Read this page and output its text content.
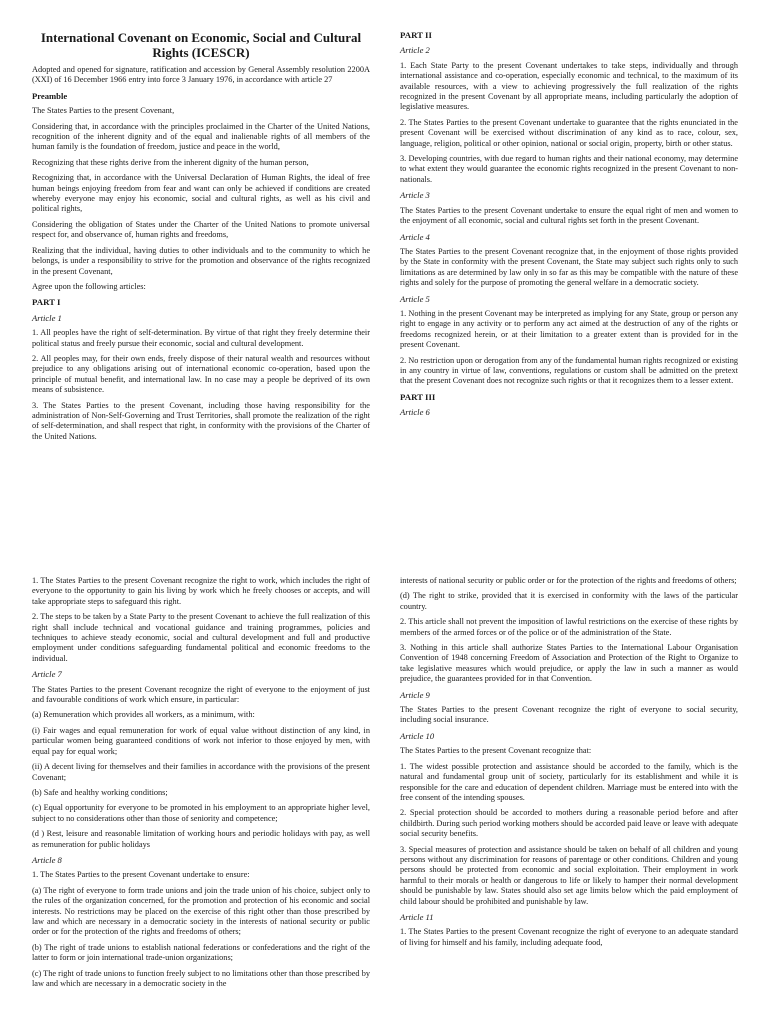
International Covenant on Economic, Social and Cultural Rights (ICESCR)

Adopted and opened for signature, ratification and accession by General Assembly resolution 2200A (XXI) of 16 December 1966 entry into force 3 January 1976, in accordance with article 27

Preamble

The States Parties to the present Covenant,

Considering that, in accordance with the principles proclaimed in the Charter of the United Nations, recognition of the inherent dignity and of the equal and inalienable rights of all members of the human family is the foundation of freedom, justice and peace in the world,

Recognizing that these rights derive from the inherent dignity of the human person,

Recognizing that, in accordance with the Universal Declaration of Human Rights, the ideal of free human beings enjoying freedom from fear and want can only be achieved if conditions are created whereby everyone may enjoy his economic, social and cultural rights, as well as his civil and political rights,

Considering the obligation of States under the Charter of the United Nations to promote universal respect for, and observance of, human rights and freedoms,

Realizing that the individual, having duties to other individuals and to the community to which he belongs, is under a responsibility to strive for the promotion and observance of the rights recognized in the present Covenant,

Agree upon the following articles:

PART I

Article 1

1. All peoples have the right of self-determination. By virtue of that right they freely determine their political status and freely pursue their economic, social and cultural development.

2. All peoples may, for their own ends, freely dispose of their natural wealth and resources without prejudice to any obligations arising out of international economic co-operation, based upon the principle of mutual benefit, and international law. In no case may a people be deprived of its own means of subsistence.

3. The States Parties to the present Covenant, including those having responsibility for the administration of Non-Self-Governing and Trust Territories, shall promote the realization of the right of self-determination, and shall respect that right, in conformity with the provisions of the Charter of the United Nations.

PART II

Article 2

1. Each State Party to the present Covenant undertakes to take steps, individually and through international assistance and co-operation, especially economic and technical, to the maximum of its available resources, with a view to achieving progressively the full realization of the rights recognized in the present Covenant by all appropriate means, including particularly the adoption of legislative measures.

2. The States Parties to the present Covenant undertake to guarantee that the rights enunciated in the present Covenant will be exercised without discrimination of any kind as to race, colour, sex, language, religion, political or other opinion, national or social origin, property, birth or other status.

3. Developing countries, with due regard to human rights and their national economy, may determine to what extent they would guarantee the economic rights recognized in the present Covenant to non-nationals.

Article 3

The States Parties to the present Covenant undertake to ensure the equal right of men and women to the enjoyment of all economic, social and cultural rights set forth in the present Covenant.

Article 4

The States Parties to the present Covenant recognize that, in the enjoyment of those rights provided by the State in conformity with the present Covenant, the State may subject such rights only to such limitations as are determined by law only in so far as this may be compatible with the nature of these rights and solely for the purpose of promoting the general welfare in a democratic society.

Article 5

1. Nothing in the present Covenant may be interpreted as implying for any State, group or person any right to engage in any activity or to perform any act aimed at the destruction of any of the rights or freedoms recognized herein, or at their limitation to a greater extent than is provided for in the present Covenant.

2. No restriction upon or derogation from any of the fundamental human rights recognized or existing in any country in virtue of law, conventions, regulations or custom shall be admitted on the pretext that the present Covenant does not recognize such rights or that it recognizes them to a lesser extent.

PART III

Article 6

1. The States Parties to the present Covenant recognize the right to work, which includes the right of everyone to the opportunity to gain his living by work which he freely chooses or accepts, and will take appropriate steps to safeguard this right.

2. The steps to be taken by a State Party to the present Covenant to achieve the full realization of this right shall include technical and vocational guidance and training programmes, policies and techniques to achieve steady economic, social and cultural development and full and productive employment under conditions safeguarding fundamental political and economic freedoms to the individual.

Article 7

The States Parties to the present Covenant recognize the right of everyone to the enjoyment of just and favourable conditions of work which ensure, in particular:

(a) Remuneration which provides all workers, as a minimum, with:

(i) Fair wages and equal remuneration for work of equal value without distinction of any kind, in particular women being guaranteed conditions of work not inferior to those enjoyed by men, with equal pay for equal work;

(ii) A decent living for themselves and their families in accordance with the provisions of the present Covenant;

(b) Safe and healthy working conditions;

(c) Equal opportunity for everyone to be promoted in his employment to an appropriate higher level, subject to no considerations other than those of seniority and competence;

(d ) Rest, leisure and reasonable limitation of working hours and periodic holidays with pay, as well as remuneration for public holidays

Article 8

1. The States Parties to the present Covenant undertake to ensure:

(a) The right of everyone to form trade unions and join the trade union of his choice, subject only to the rules of the organization concerned, for the promotion and protection of his economic and social interests. No restrictions may be placed on the exercise of this right other than those prescribed by law and which are necessary in a democratic society in the interests of national security or public order or for the protection of the rights and freedoms of others;

(b) The right of trade unions to establish national federations or confederations and the right of the latter to form or join international trade-union organizations;

(c) The right of trade unions to function freely subject to no limitations other than those prescribed by law and which are necessary in a democratic society in the

interests of national security or public order or for the protection of the rights and freedoms of others;

(d) The right to strike, provided that it is exercised in conformity with the laws of the particular country.

2. This article shall not prevent the imposition of lawful restrictions on the exercise of these rights by members of the armed forces or of the police or of the administration of the State.

3. Nothing in this article shall authorize States Parties to the International Labour Organisation Convention of 1948 concerning Freedom of Association and Protection of the Right to Organize to take legislative measures which would prejudice, or apply the law in such a manner as would prejudice, the guarantees provided for in that Convention.

Article 9

The States Parties to the present Covenant recognize the right of everyone to social security, including social insurance.

Article 10

The States Parties to the present Covenant recognize that:

1. The widest possible protection and assistance should be accorded to the family, which is the natural and fundamental group unit of society, particularly for its establishment and while it is responsible for the care and education of dependent children. Marriage must be entered into with the free consent of the intending spouses.

2. Special protection should be accorded to mothers during a reasonable period before and after childbirth. During such period working mothers should be accorded paid leave or leave with adequate social security benefits.

3. Special measures of protection and assistance should be taken on behalf of all children and young persons without any discrimination for reasons of parentage or other conditions. Children and young persons should be protected from economic and social exploitation. Their employment in work harmful to their morals or health or dangerous to life or likely to hamper their normal development should be punishable by law. States should also set age limits below which the paid employment of child labour should be prohibited and punishable by law.

Article 11

1. The States Parties to the present Covenant recognize the right of everyone to an adequate standard of living for himself and his family, including adequate food,
